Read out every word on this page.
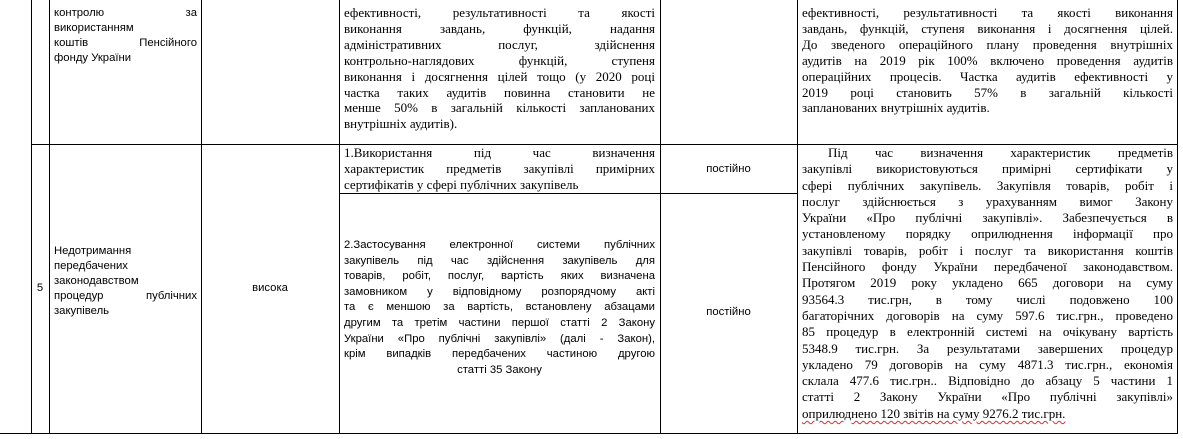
контролю за

використанням

коштів Пенсійного

фонду України

ефективності, результативності та якості

виконання завдань, функцій, надання

адміністративних послуг, здійснення

контрольно-наглядових функцій, ступеня

виконання і досягнення цілей тощо (у 2020 році

частка таких аудитів повинна становити не

менше 50% в загальній кількості запланованих

внутрішніх аудитів).

ефективності, результативності та якості виконання

завдань, функцій, ступеня виконання і досягнення цілей.

До зведеного операційного плану проведення внутрішніх

аудитів на 2019 рік 100% включено проведення аудитів

операційних процесів. Частка аудитів ефективності у

2019 році становить 57% в загальній кількості

запланованих внутрішніх аудитів.

5

Недотримання

передбачених

законодавством

процедур публічних

закупівель

висока

1.Використання під час визначення

характеристик предметів закупівлі примірних

сертифікатів у сфері публічних закупівель

постійно

2.Застосування електронної системи публічних

закупівель під час здійснення закупівель для

товарів, робіт, послуг, вартість яких визначена

замовником у відповідному розпорядчому акті

та є меншою за вартість, встановлену абзацами

другим та третім частини першої статті 2 Закону

України «Про публічні закупівлі» (далі - Закон),

крім випадків передбачених частиною другою

статті 35 Закону

постійно

Під час визначення характеристик предметів

закупівлі використовуються примірні сертифікати у

сфері публічних закупівель. Закупівля товарів, робіт і

послуг здійснюється з урахуванням вимог Закону

України «Про публічні закупівлі». Забезпечується в

установленому порядку оприлюднення інформації про

закупівлі товарів, робіт і послуг та використання коштів

Пенсійного фонду України передбаченої законодавством.

Протягом 2019 року укладено 665 договори на суму

93564.3 тис.грн, в тому числі подовжено 100

багаторічних договорів на суму 597.6 тис.грн., проведено

85 процедур в електронній системі на очікувану вартість

5348.9 тис.грн. За результатами завершених процедур

укладено 79 договорів на суму 4871.3 тис.грн., економія

склала 477.6 тис.грн.. Відповідно до абзацу 5 частини 1

статті 2 Закону України «Про публічні закупівлі»

оприлюднено 120 звітів на суму 9276.2 тис.грн.
